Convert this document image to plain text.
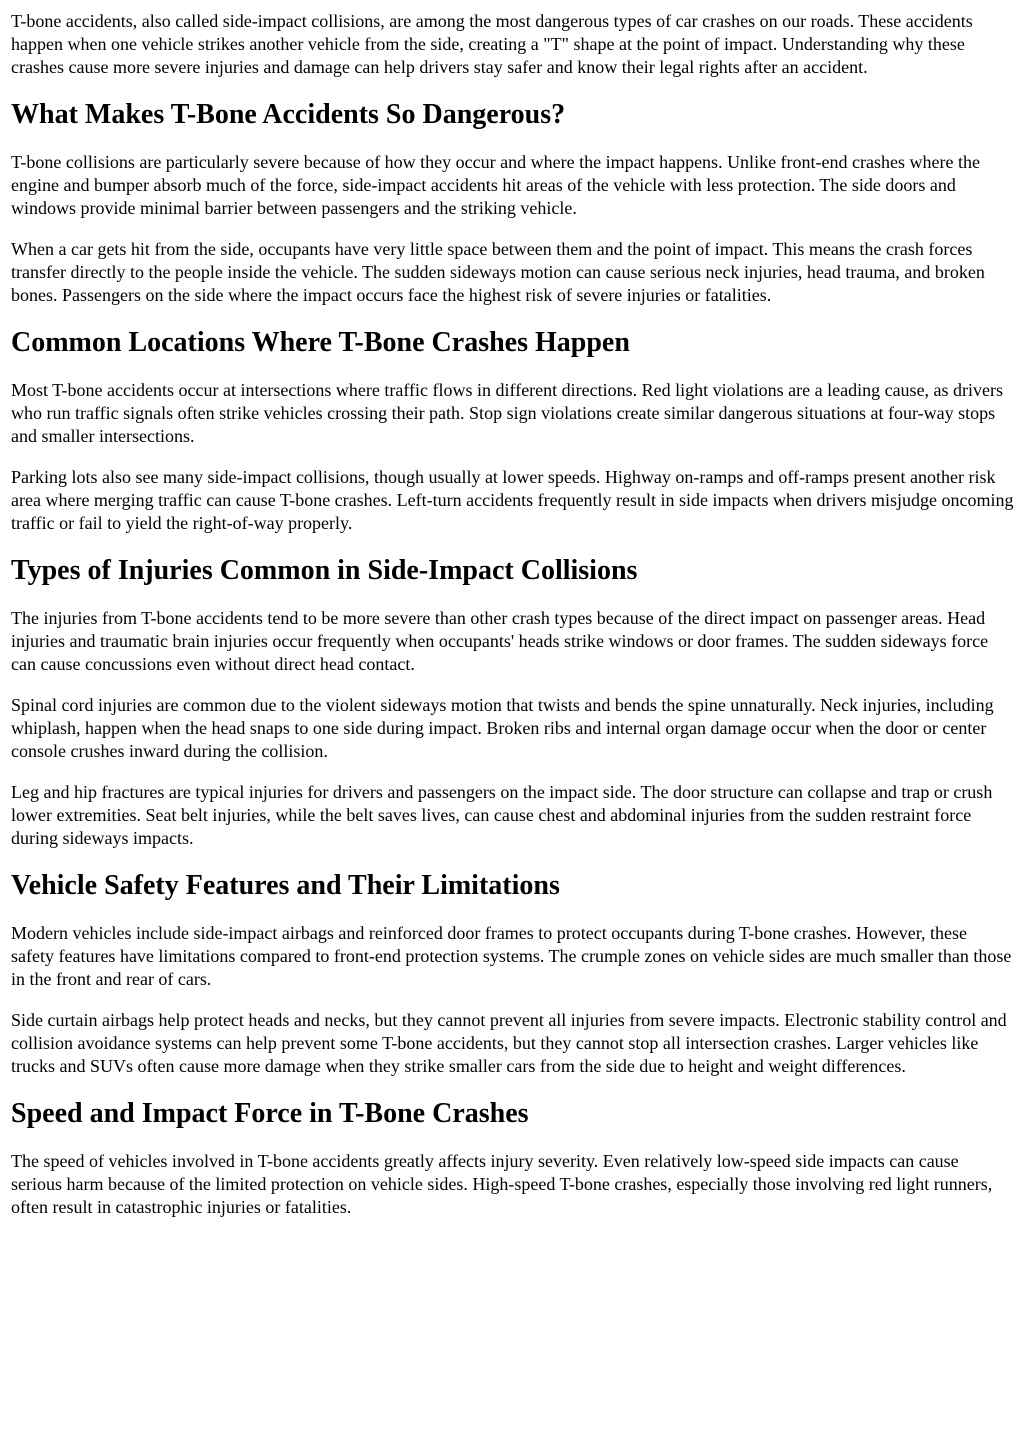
T-bone accidents, also called side-impact collisions, are among the most dangerous types of car crashes on our roads. These accidents happen when one vehicle strikes another vehicle from the side, creating a "T" shape at the point of impact. Understanding why these crashes cause more severe injuries and damage can help drivers stay safer and know their legal rights after an accident.

What Makes T-Bone Accidents So Dangerous?

T-bone collisions are particularly severe because of how they occur and where the impact happens. Unlike front-end crashes where the engine and bumper absorb much of the force, side-impact accidents hit areas of the vehicle with less protection. The side doors and windows provide minimal barrier between passengers and the striking vehicle.

When a car gets hit from the side, occupants have very little space between them and the point of impact. This means the crash forces transfer directly to the people inside the vehicle. The sudden sideways motion can cause serious neck injuries, head trauma, and broken bones. Passengers on the side where the impact occurs face the highest risk of severe injuries or fatalities.

Common Locations Where T-Bone Crashes Happen

Most T-bone accidents occur at intersections where traffic flows in different directions. Red light violations are a leading cause, as drivers who run traffic signals often strike vehicles crossing their path. Stop sign violations create similar dangerous situations at four-way stops and smaller intersections.

Parking lots also see many side-impact collisions, though usually at lower speeds. Highway on-ramps and off-ramps present another risk area where merging traffic can cause T-bone crashes. Left-turn accidents frequently result in side impacts when drivers misjudge oncoming traffic or fail to yield the right-of-way properly.

Types of Injuries Common in Side-Impact Collisions

The injuries from T-bone accidents tend to be more severe than other crash types because of the direct impact on passenger areas. Head injuries and traumatic brain injuries occur frequently when occupants' heads strike windows or door frames. The sudden sideways force can cause concussions even without direct head contact.

Spinal cord injuries are common due to the violent sideways motion that twists and bends the spine unnaturally. Neck injuries, including whiplash, happen when the head snaps to one side during impact. Broken ribs and internal organ damage occur when the door or center console crushes inward during the collision.

Leg and hip fractures are typical injuries for drivers and passengers on the impact side. The door structure can collapse and trap or crush lower extremities. Seat belt injuries, while the belt saves lives, can cause chest and abdominal injuries from the sudden restraint force during sideways impacts.

Vehicle Safety Features and Their Limitations

Modern vehicles include side-impact airbags and reinforced door frames to protect occupants during T-bone crashes. However, these safety features have limitations compared to front-end protection systems. The crumple zones on vehicle sides are much smaller than those in the front and rear of cars.

Side curtain airbags help protect heads and necks, but they cannot prevent all injuries from severe impacts. Electronic stability control and collision avoidance systems can help prevent some T-bone accidents, but they cannot stop all intersection crashes. Larger vehicles like trucks and SUVs often cause more damage when they strike smaller cars from the side due to height and weight differences.

Speed and Impact Force in T-Bone Crashes

The speed of vehicles involved in T-bone accidents greatly affects injury severity. Even relatively low-speed side impacts can cause serious harm because of the limited protection on vehicle sides. High-speed T-bone crashes, especially those involving red light runners, often result in catastrophic injuries or fatalities.
